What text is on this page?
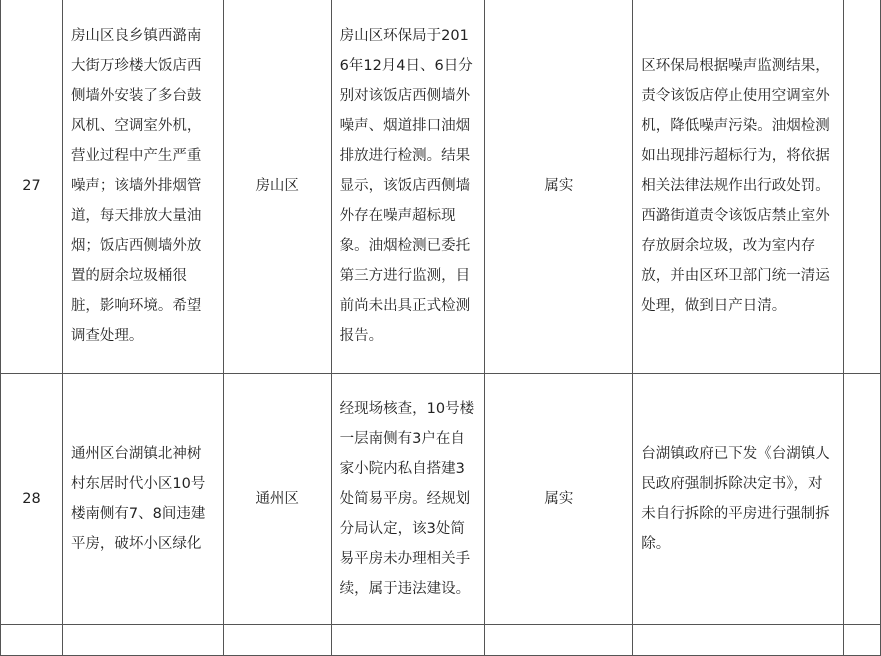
27	房山区良乡镇西潞南大街万珍楼大饭店西侧墙外安装了多台鼓风机、空调室外机，营业过程中产生严重噪声；该墙外排烟管道，每天排放大量油烟；饭店西侧墙外放置的厨余垃圾桶很脏，影响环境。希望调查处理。	房山区	房山区环保局于2016年12月4日、6日分别对该饭店西侧墙外噪声、烟道排口油烟排放进行检测。结果显示，该饭店西侧墙外存在噪声超标现象。油烟检测已委托第三方进行监测，目前尚未出具正式检测报告。	属实	区环保局根据噪声监测结果，责令该饭店停止使用空调室外机，降低噪声污染。油烟检测如出现排污超标行为，将依据相关法律法规作出行政处罚。西潞街道责令该饭店禁止室外存放厨余垃圾，改为室内存放，并由区环卫部门统一清运处理，做到日产日清。	

28	通州区台湖镇北神树村东居时代小区10号楼南侧有7、8间违建平房，破坏小区绿化	通州区	经现场核查，10号楼一层南侧有3户在自家小院内私自搭建3处简易平房。经规划分局认定，该3处简易平房未办理相关手续，属于违法建设。	属实	台湖镇政府已下发《台湖镇人民政府强制拆除决定书》，对未自行拆除的平房进行强制拆除。	
